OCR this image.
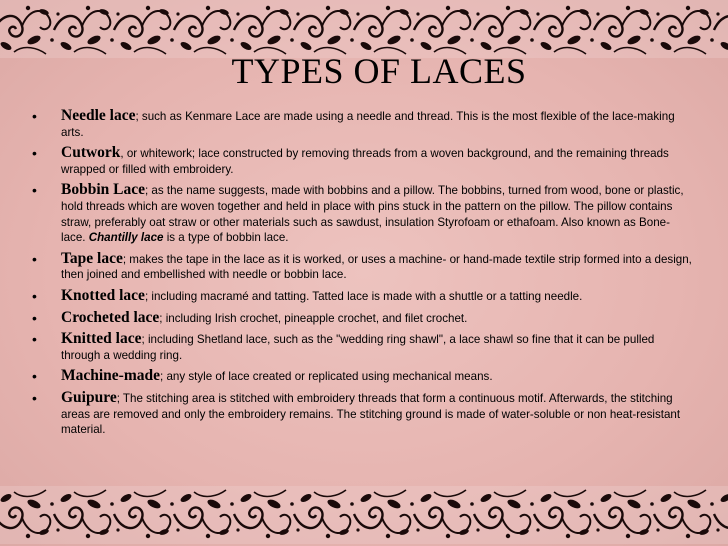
TYPES OF LACES
• Needle lace; such as Kenmare Lace are made using a needle and thread. This is the most flexible of the lace-making arts.
• Cutwork, or whitework; lace constructed by removing threads from a woven background, and the remaining threads wrapped or filled with embroidery.
• Bobbin Lace; as the name suggests, made with bobbins and a pillow. The bobbins, turned from wood, bone or plastic, hold threads which are woven together and held in place with pins stuck in the pattern on the pillow. The pillow contains straw, preferably oat straw or other materials such as sawdust, insulation Styrofoam or ethafoam. Also known as Bone-lace. Chantilly lace is a type of bobbin lace.
• Tape lace; makes the tape in the lace as it is worked, or uses a machine- or hand-made textile strip formed into a design, then joined and embellished with needle or bobbin lace.
• Knotted lace; including macramé and tatting. Tatted lace is made with a shuttle or a tatting needle.
• Crocheted lace; including Irish crochet, pineapple crochet, and filet crochet.
• Knitted lace; including Shetland lace, such as the "wedding ring shawl", a lace shawl so fine that it can be pulled through a wedding ring.
• Machine-made; any style of lace created or replicated using mechanical means.
• Guipure; The stitching area is stitched with embroidery threads that form a continuous motif. Afterwards, the stitching areas are removed and only the embroidery remains. The stitching ground is made of water-soluble or non heat-resistant material.
